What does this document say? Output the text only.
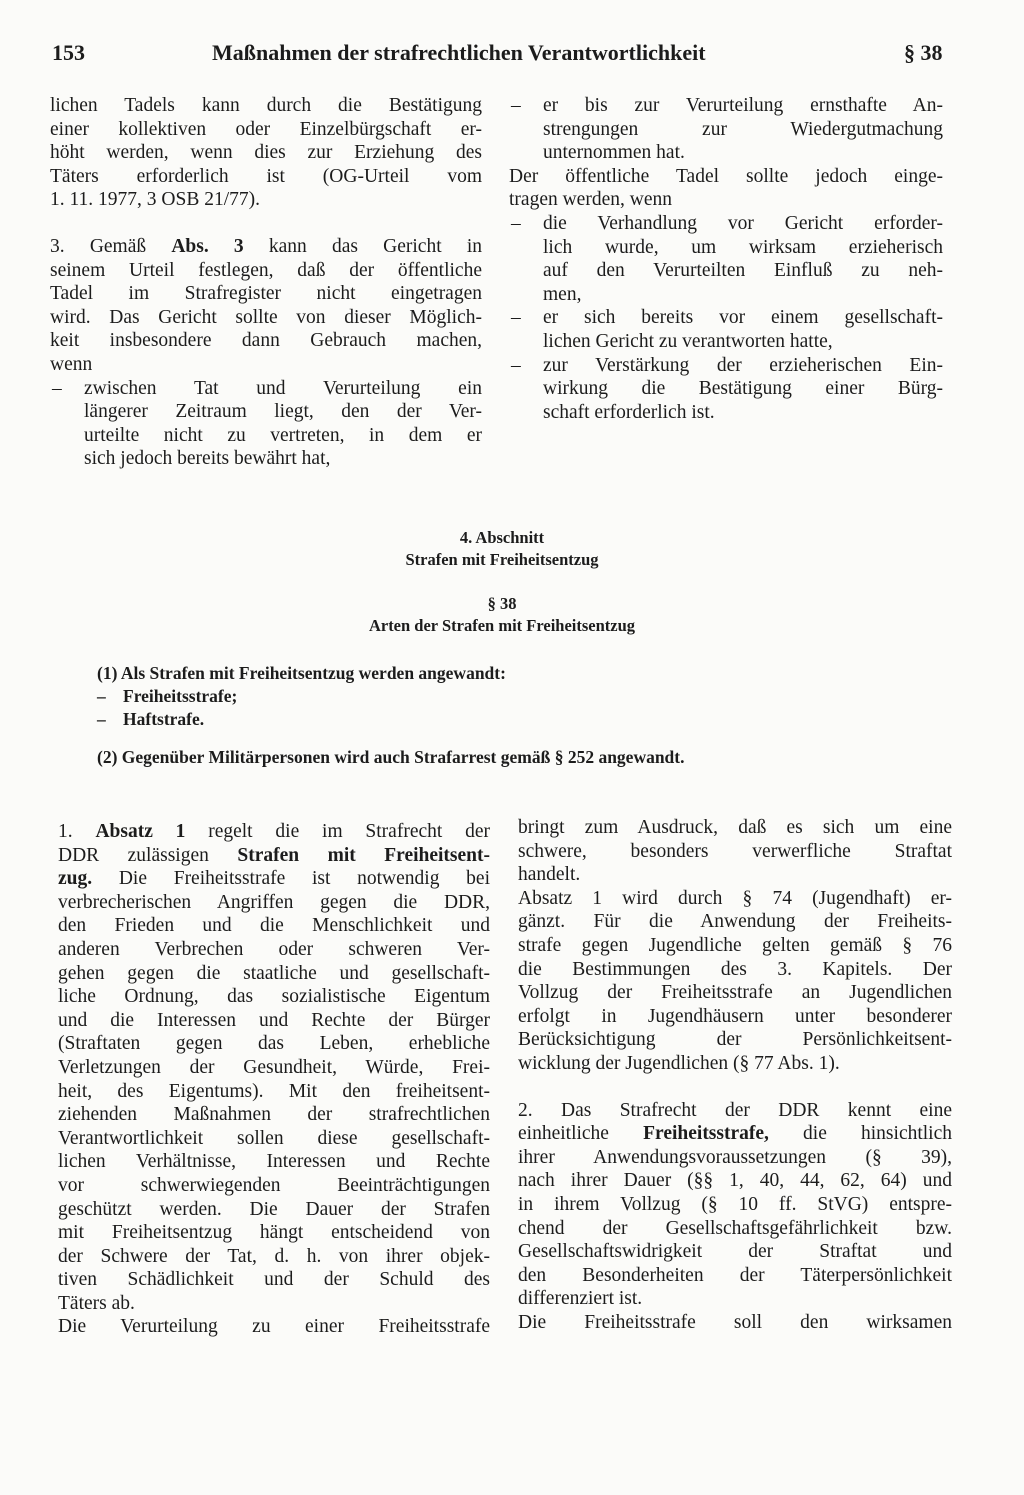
153	Maßnahmen der strafrechtlichen Verantwortlichkeit	§ 38
lichen Tadels kann durch die Bestätigung
einer kollektiven oder Einzelbürgschaft er-
höht werden, wenn dies zur Erziehung des
Täters erforderlich ist (OG-Urteil vom
1. 11. 1977, 3 OSB 21/77).
3. Gemäß Abs. 3 kann das Gericht in
seinem Urteil festlegen, daß der öffentliche
Tadel im Strafregister nicht eingetragen
wird. Das Gericht sollte von dieser Möglich-
keit insbesondere dann Gebrauch machen,
wenn
– zwischen Tat und Verurteilung ein
längerer Zeitraum liegt, den der Ver-
urteilte nicht zu vertreten, in dem er
sich jedoch bereits bewährt hat,
– er bis zur Verurteilung ernsthafte An-
strengungen zur Wiedergutmachung
unternommen hat.
Der öffentliche Tadel sollte jedoch einge-
tragen werden, wenn
– die Verhandlung vor Gericht erforder-
lich wurde, um wirksam erzieherisch
auf den Verurteilten Einfluß zu neh-
men,
– er sich bereits vor einem gesellschaft-
lichen Gericht zu verantworten hatte,
– zur Verstärkung der erzieherischen Ein-
wirkung die Bestätigung einer Bürg-
schaft erforderlich ist.
4. Abschnitt
Strafen mit Freiheitsentzug
§ 38
Arten der Strafen mit Freiheitsentzug
(1) Als Strafen mit Freiheitsentzug werden angewandt:
– Freiheitsstrafe;
– Haftstrafe.
(2) Gegenüber Militärpersonen wird auch Strafarrest gemäß § 252 angewandt.
1. Absatz 1 regelt die im Strafrecht der
DDR zulässigen Strafen mit Freiheitsent-
zug. Die Freiheitsstrafe ist notwendig bei
verbrecherischen Angriffen gegen die DDR,
den Frieden und die Menschlichkeit und
anderen Verbrechen oder schweren Ver-
gehen gegen die staatliche und gesellschaft-
liche Ordnung, das sozialistische Eigentum
und die Interessen und Rechte der Bürger
(Straftaten gegen das Leben, erhebliche
Verletzungen der Gesundheit, Würde, Frei-
heit, des Eigentums). Mit den freiheitsent-
ziehenden Maßnahmen der strafrechtlichen
Verantwortlichkeit sollen diese gesellschaft-
lichen Verhältnisse, Interessen und Rechte
vor schwerwiegenden Beeinträchtigungen
geschützt werden. Die Dauer der Strafen
mit Freiheitsentzug hängt entscheidend von
der Schwere der Tat, d. h. von ihrer objek-
tiven Schädlichkeit und der Schuld des
Täters ab.
Die Verurteilung zu einer Freiheitsstrafe
bringt zum Ausdruck, daß es sich um eine
schwere, besonders verwerfliche Straftat
handelt.
Absatz 1 wird durch § 74 (Jugendhaft) er-
gänzt. Für die Anwendung der Freiheits-
strafe gegen Jugendliche gelten gemäß § 76
die Bestimmungen des 3. Kapitels. Der
Vollzug der Freiheitsstrafe an Jugendlichen
erfolgt in Jugendhäusern unter besonderer
Berücksichtigung der Persönlichkeitsent-
wicklung der Jugendlichen (§ 77 Abs. 1).
2. Das Strafrecht der DDR kennt eine
einheitliche Freiheitsstrafe, die hinsichtlich
ihrer Anwendungsvoraussetzungen (§ 39),
nach ihrer Dauer (§§ 1, 40, 44, 62, 64) und
in ihrem Vollzug (§ 10 ff. StVG) entspre-
chend der Gesellschaftsgefährlichkeit bzw.
Gesellschaftswidrigkeit der Straftat und
den Besonderheiten der Täterpersönlichkeit
differenziert ist.
Die Freiheitsstrafe soll den wirksamen
